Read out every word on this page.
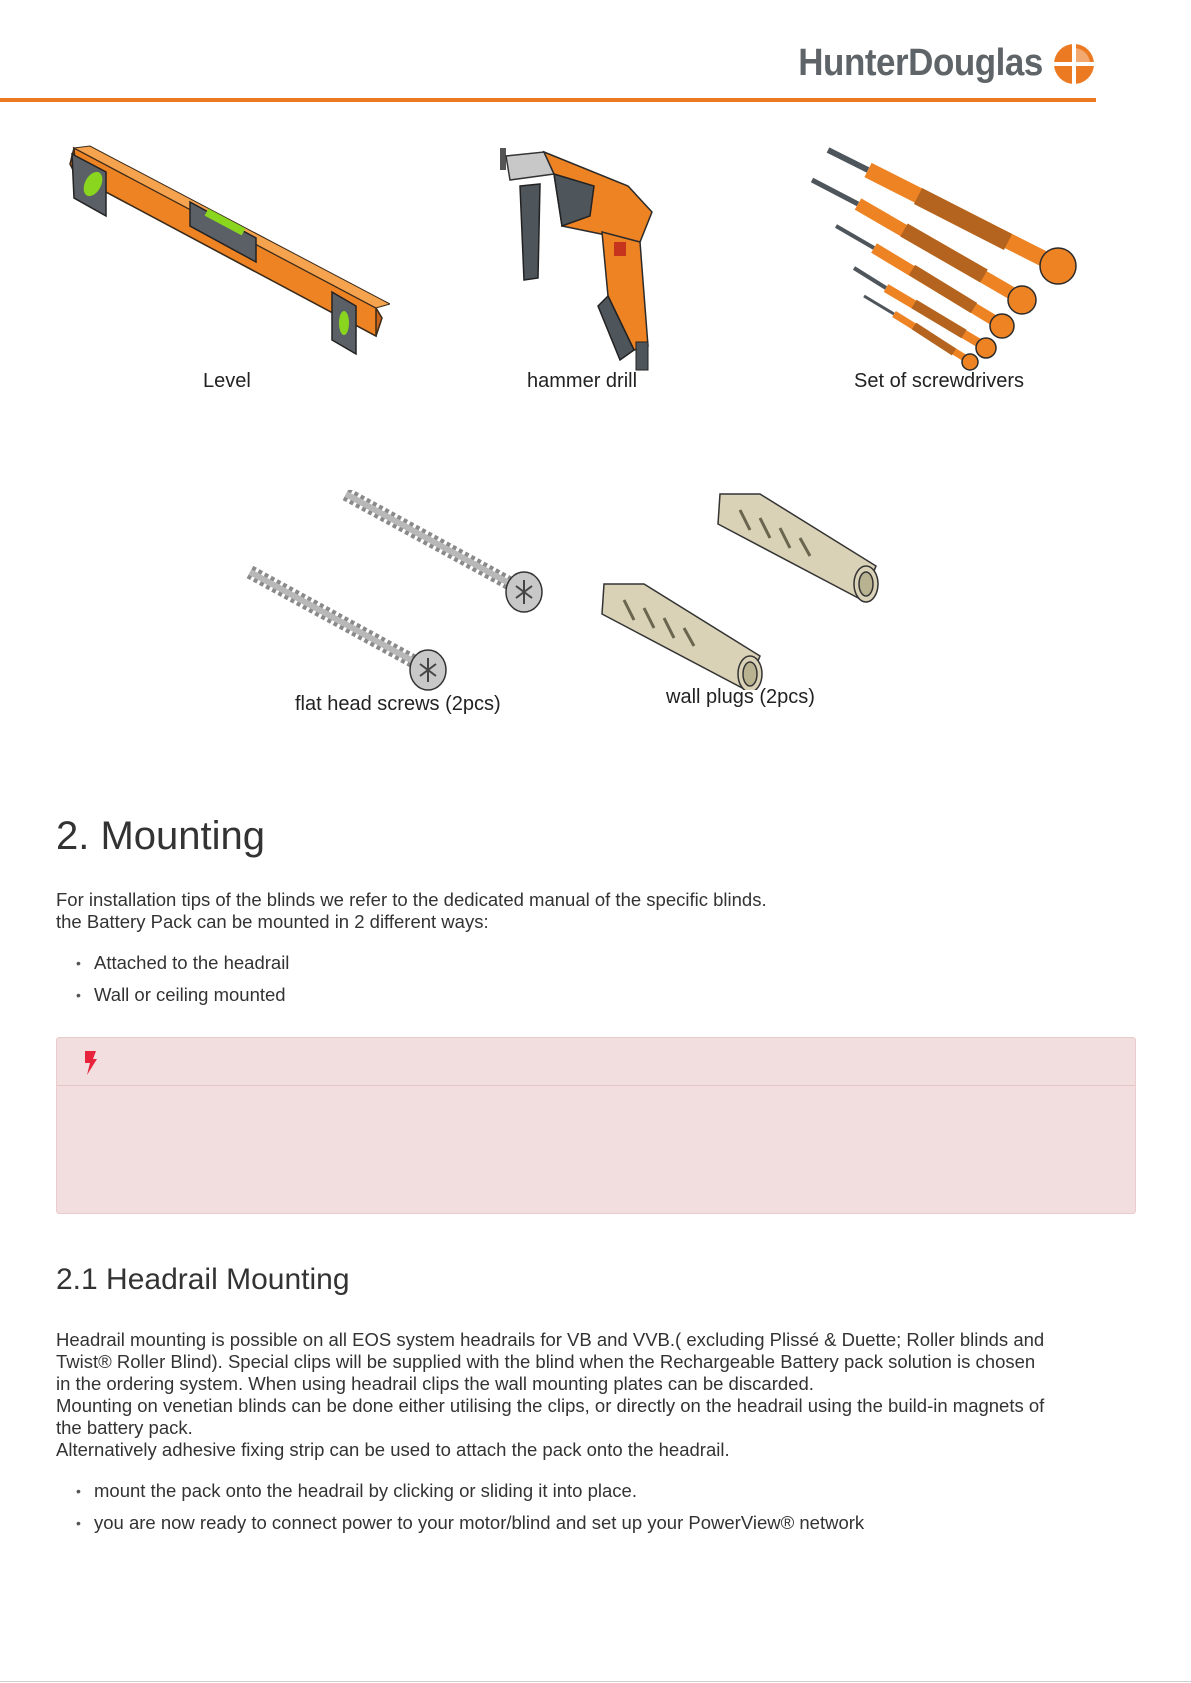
HunterDouglas
Level	hammer drill	Set of screwdrivers
flat head screws (2pcs)	wall plugs (2pcs)
2. Mounting

For installation tips of the blinds we refer to the dedicated manual of the specific blinds.

the Battery Pack can be mounted in 2 different ways:

• Attached to the headrail
• Wall or ceiling mounted
2.1 Headrail Mounting

Headrail mounting is possible on all EOS system headrails for VB and VVB.( excluding Plissé & Duette; Roller blinds and

Twist® Roller Blind). Special clips will be supplied with the blind when the Rechargeable Battery pack solution is chosen

in the ordering system. When using headrail clips the wall mounting plates can be discarded.

Mounting on venetian blinds can be done either utilising the clips, or directly on the headrail using the build-in magnets of

the battery pack.

Alternatively adhesive fixing strip can be used to attach the pack onto the headrail.

• mount the pack onto the headrail by clicking or sliding it into place.
• you are now ready to connect power to your motor/blind and set up your PowerView® network
